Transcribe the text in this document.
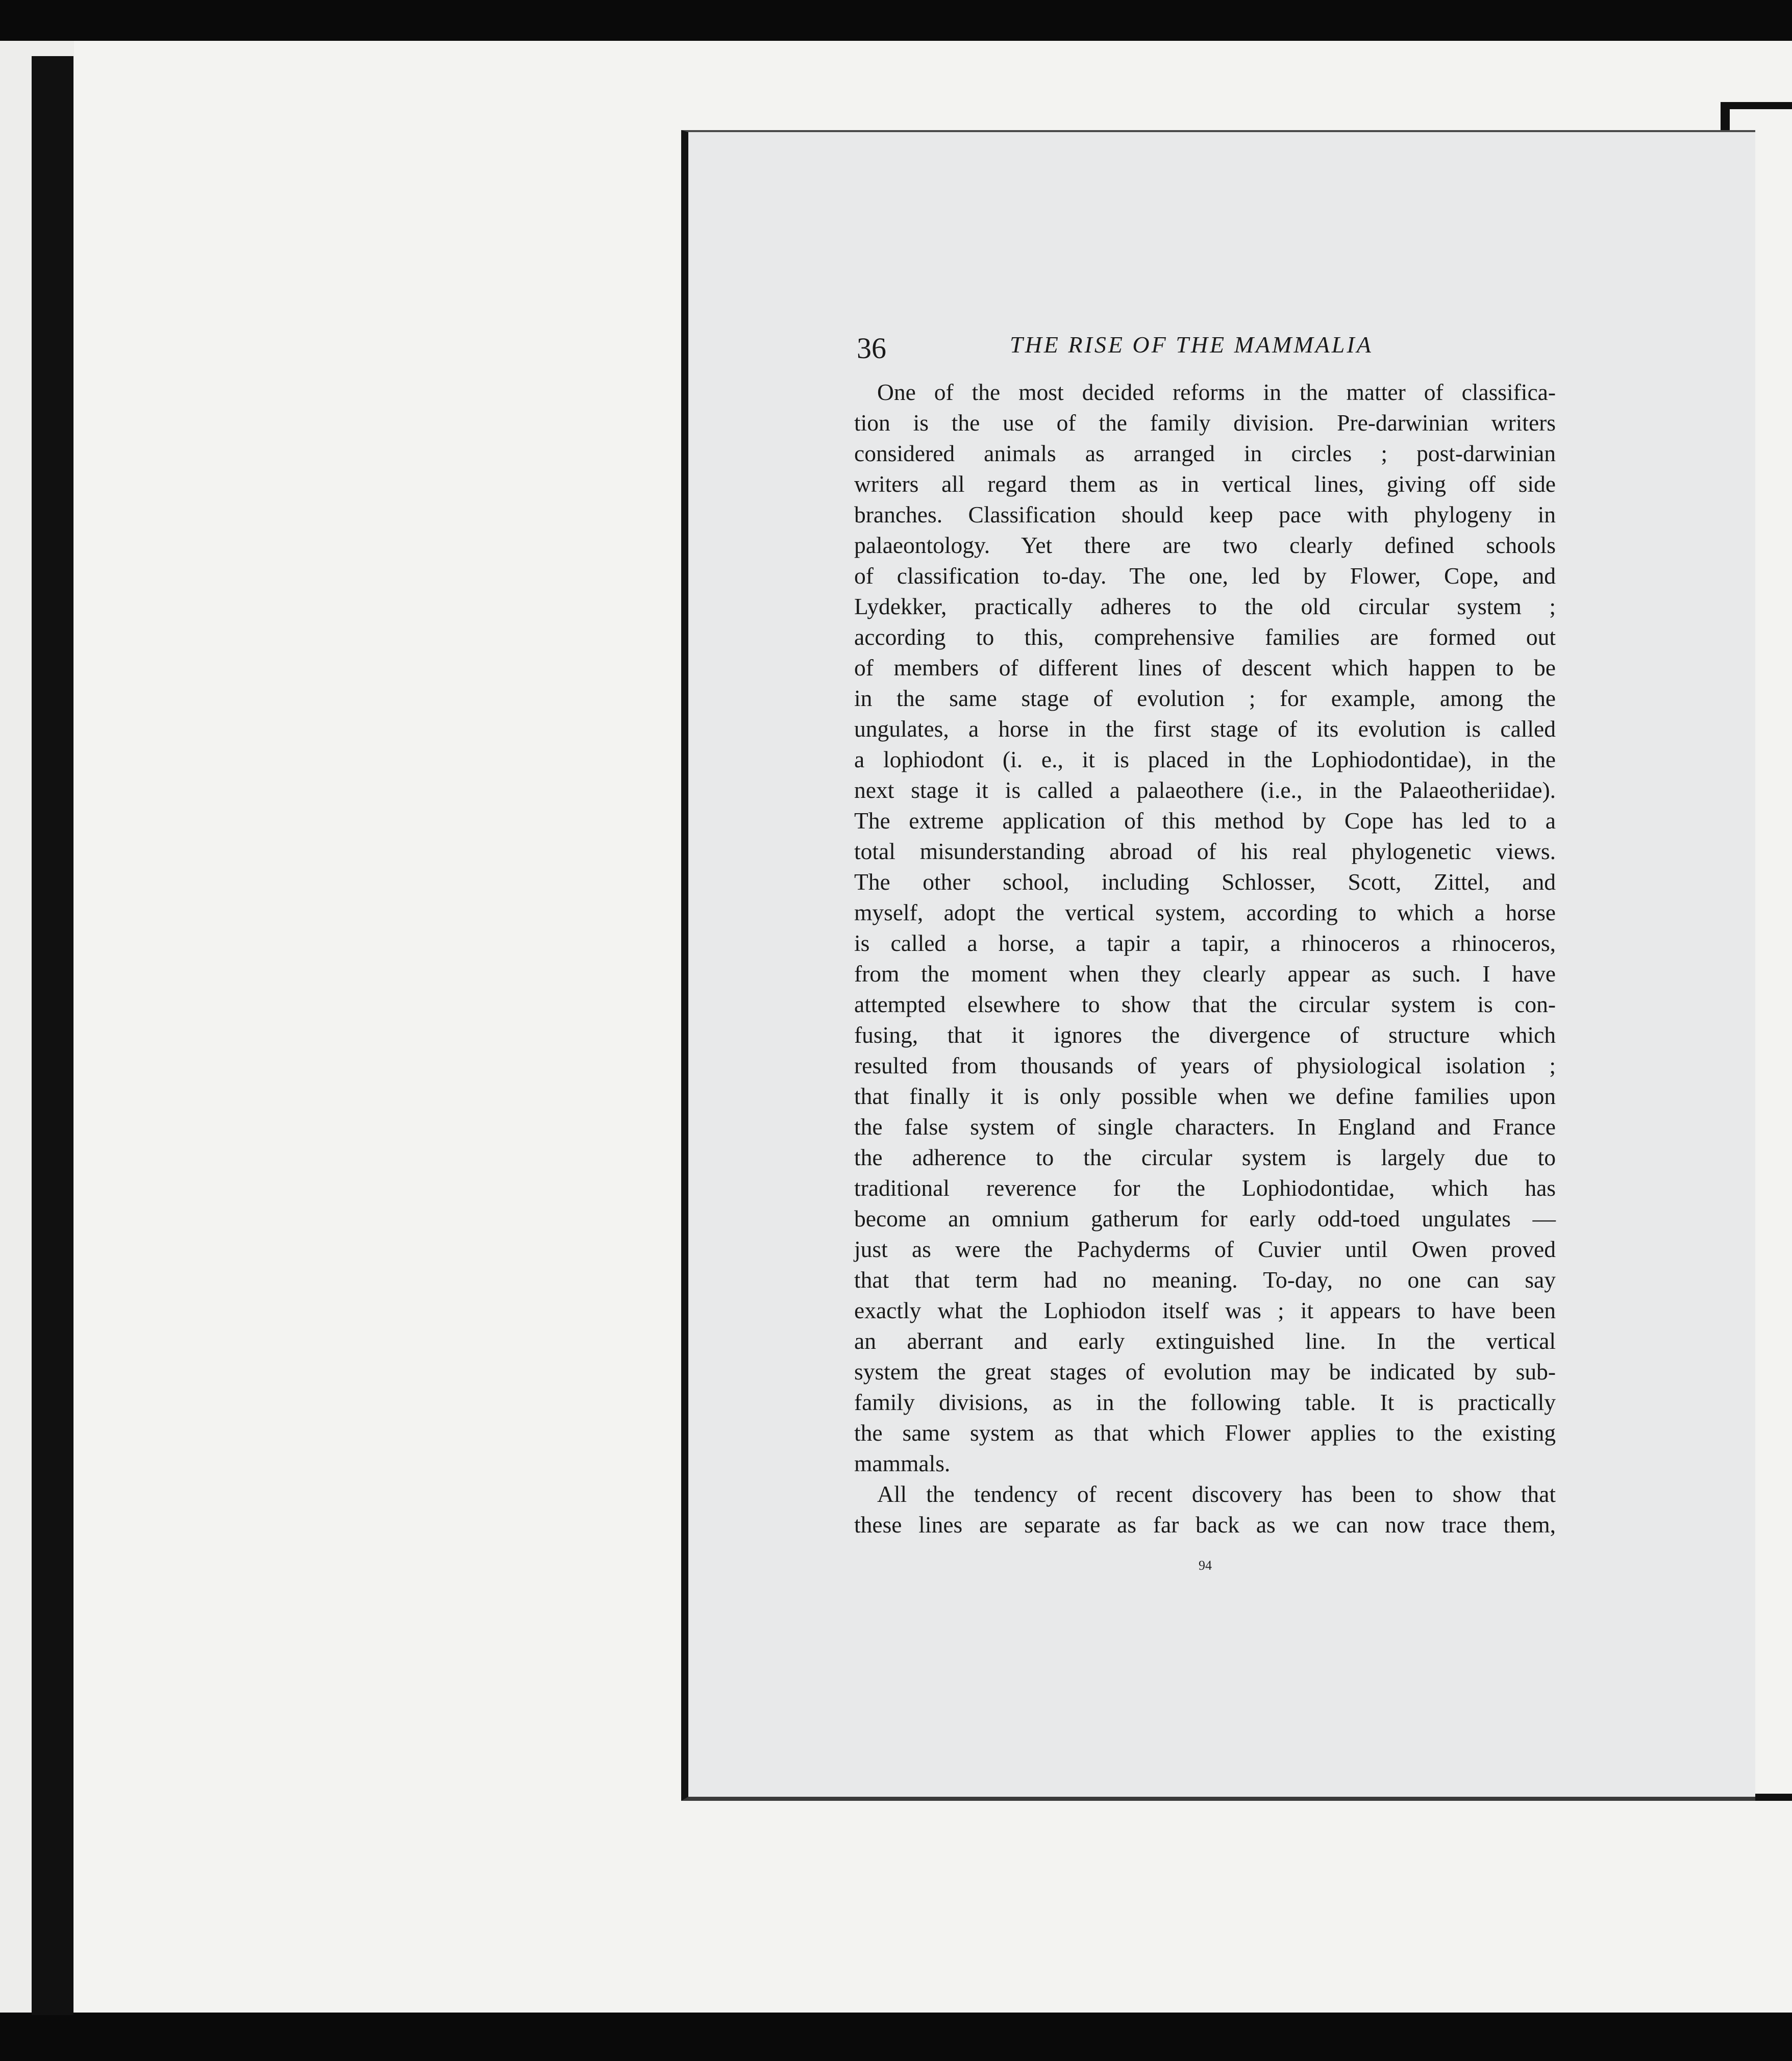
36	THE RISE OF THE MAMMALIA
One of the most decided reforms in the matter of classifica-
tion is the use of the family division. Pre-darwinian writers
considered animals as arranged in circles ; post-darwinian
writers all regard them as in vertical lines, giving off side
branches. Classification should keep pace with phylogeny in
palaeontology. Yet there are two clearly defined schools
of classification to-day. The one, led by Flower, Cope, and
Lydekker, practically adheres to the old circular system ;
according to this, comprehensive families are formed out
of members of different lines of descent which happen to be
in the same stage of evolution ; for example, among the
ungulates, a horse in the first stage of its evolution is called
a lophiodont (i. e., it is placed in the Lophiodontidae), in the
next stage it is called a palaeothere (i.e., in the Palaeotheriidae).
The extreme application of this method by Cope has led to a
total misunderstanding abroad of his real phylogenetic views.
The other school, including Schlosser, Scott, Zittel, and
myself, adopt the vertical system, according to which a horse
is called a horse, a tapir a tapir, a rhinoceros a rhinoceros,
from the moment when they clearly appear as such. I have
attempted elsewhere to show that the circular system is con-
fusing, that it ignores the divergence of structure which
resulted from thousands of years of physiological isolation ;
that finally it is only possible when we define families upon
the false system of single characters. In England and France
the adherence to the circular system is largely due to
traditional reverence for the Lophiodontidae, which has
become an omnium gatherum for early odd-toed ungulates —
just as were the Pachyderms of Cuvier until Owen proved
that that term had no meaning. To-day, no one can say
exactly what the Lophiodon itself was ; it appears to have been
an aberrant and early extinguished line. In the vertical
system the great stages of evolution may be indicated by sub-
family divisions, as in the following table. It is practically
the same system as that which Flower applies to the existing
mammals.
All the tendency of recent discovery has been to show that
these lines are separate as far back as we can now trace them,
94
